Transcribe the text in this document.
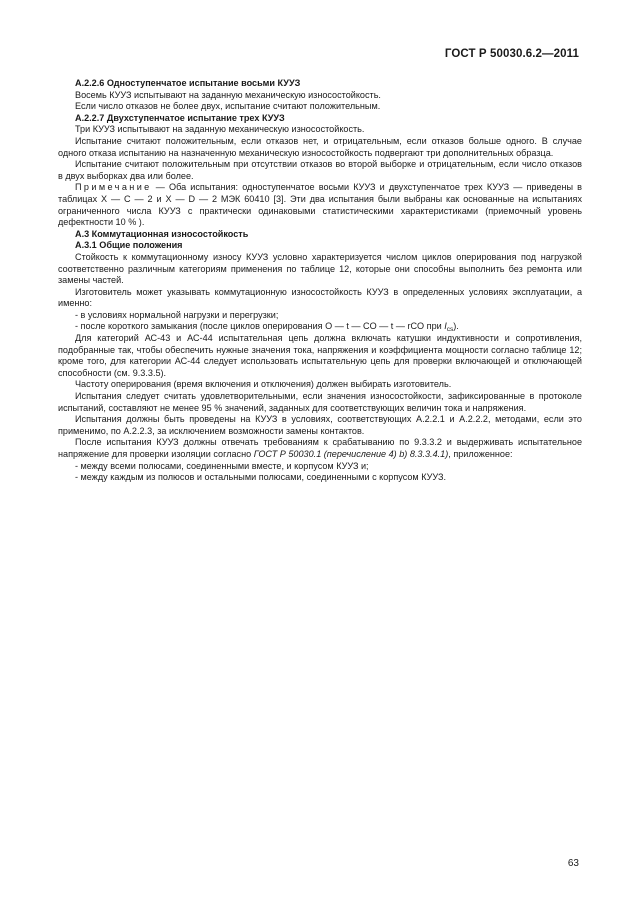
ГОСТ Р 50030.6.2—2011

А.2.2.6 Одноступенчатое испытание восьми КУУЗ

Восемь КУУЗ испытывают на заданную механическую износостойкость.

Если число отказов не более двух, испытание считают положительным.

А.2.2.7 Двухступенчатое испытание трех КУУЗ

Три КУУЗ испытывают на заданную механическую износостойкость.

Испытание считают положительным, если отказов нет, и отрицательным, если отказов больше одного. В случае одного отказа испытанию на назначенную механическую износостойкость подвергают три дополнительных образца.

Испытание считают положительным при отсутствии отказов во второй выборке и отрицательным, если число отказов в двух выборках два или более.

Примечание — Оба испытания: одноступенчатое восьми КУУЗ и двухступенчатое трех КУУЗ — приведены в таблицах X — C — 2 и X — D — 2 МЭК 60410 [3]. Эти два испытания были выбраны как основанные на испытаниях ограниченного числа КУУЗ с практически одинаковыми статистическими характеристиками (приемочный уровень дефектности 10 % ).

А.3 Коммутационная износостойкость

А.3.1 Общие положения

Стойкость к коммутационному износу КУУЗ условно характеризуется числом циклов оперирования под нагрузкой соответственно различным категориям применения по таблице 12, которые они способны выполнить без ремонта или замены частей.

Изготовитель может указывать коммутационную износостойкость КУУЗ в определенных условиях эксплуатации, а именно:

- в условиях нормальной нагрузки и перегрузки;

- после короткого замыкания (после циклов оперирования О — t — CO — t — rCO при $I_{cs}$).

Для категорий АС-43 и АС-44 испытательная цепь должна включать катушки индуктивности и сопротивления, подобранные так, чтобы обеспечить нужные значения тока, напряжения и коэффициента мощности согласно таблице 12; кроме того, для категории АС-44 следует использовать испытательную цепь для проверки включающей и отключающей способности (см. 9.3.3.5).

Частоту оперирования (время включения и отключения) должен выбирать изготовитель.

Испытания следует считать удовлетворительными, если значения износостойкости, зафиксированные в протоколе испытаний, составляют не менее 95 % значений, заданных для соответствующих величин тока и напряжения.

Испытания должны быть проведены на КУУЗ в условиях, соответствующих А.2.2.1 и А.2.2.2, методами, если это применимо, по А.2.2.3, за исключением возможности замены контактов.

После испытания КУУЗ должны отвечать требованиям к срабатыванию по 9.3.3.2 и выдерживать испытательное напряжение для проверки изоляции согласно ГОСТ Р 50030.1 (перечисление 4) b) 8.3.3.4.1), приложенное:

- между всеми полюсами, соединенными вместе, и корпусом КУУЗ и;

- между каждым из полюсов и остальными полюсами, соединенными с корпусом КУУЗ.

63
